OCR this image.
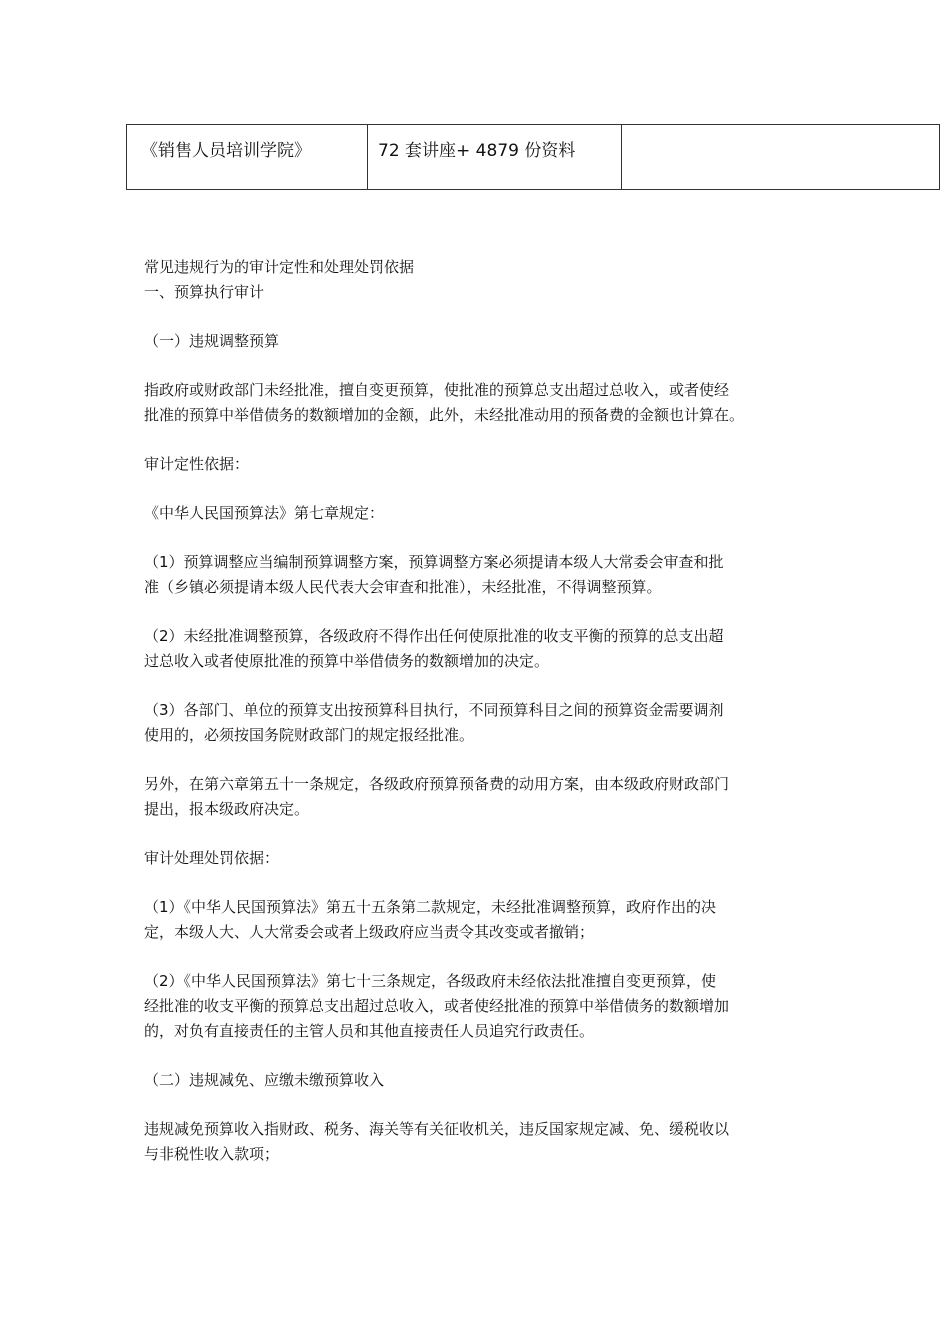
《销售人员培训学院》	72 套讲座+ 4879 份资料	

常见违规行为的审计定性和处理处罚依据

一、预算执行审计

（一）违规调整预算

指政府或财政部门未经批准，擅自变更预算，使批准的预算总支出超过总收入，或者使经

批准的预算中举借债务的数额增加的金额，此外，未经批准动用的预备费的金额也计算在。

审计定性依据：

《中华人民国预算法》第七章规定：

（1）预算调整应当编制预算调整方案，预算调整方案必须提请本级人大常委会审查和批

准（乡镇必须提请本级人民代表大会审查和批准），未经批准，不得调整预算。

（2）未经批准调整预算，各级政府不得作出任何使原批准的收支平衡的预算的总支出超

过总收入或者使原批准的预算中举借债务的数额增加的决定。

（3）各部门、单位的预算支出按预算科目执行，不同预算科目之间的预算资金需要调剂

使用的，必须按国务院财政部门的规定报经批准。

另外，在第六章第五十一条规定，各级政府预算预备费的动用方案，由本级政府财政部门

提出，报本级政府决定。

审计处理处罚依据：

（1）《中华人民国预算法》第五十五条第二款规定，未经批准调整预算，政府作出的决

定，本级人大、人大常委会或者上级政府应当责令其改变或者撤销；

（2）《中华人民国预算法》第七十三条规定，各级政府未经依法批准擅自变更预算，使

经批准的收支平衡的预算总支出超过总收入，或者使经批准的预算中举借债务的数额增加

的，对负有直接责任的主管人员和其他直接责任人员追究行政责任。

（二）违规减免、应缴未缴预算收入

违规减免预算收入指财政、税务、海关等有关征收机关，违反国家规定减、免、缓税收以

与非税性收入款项；
